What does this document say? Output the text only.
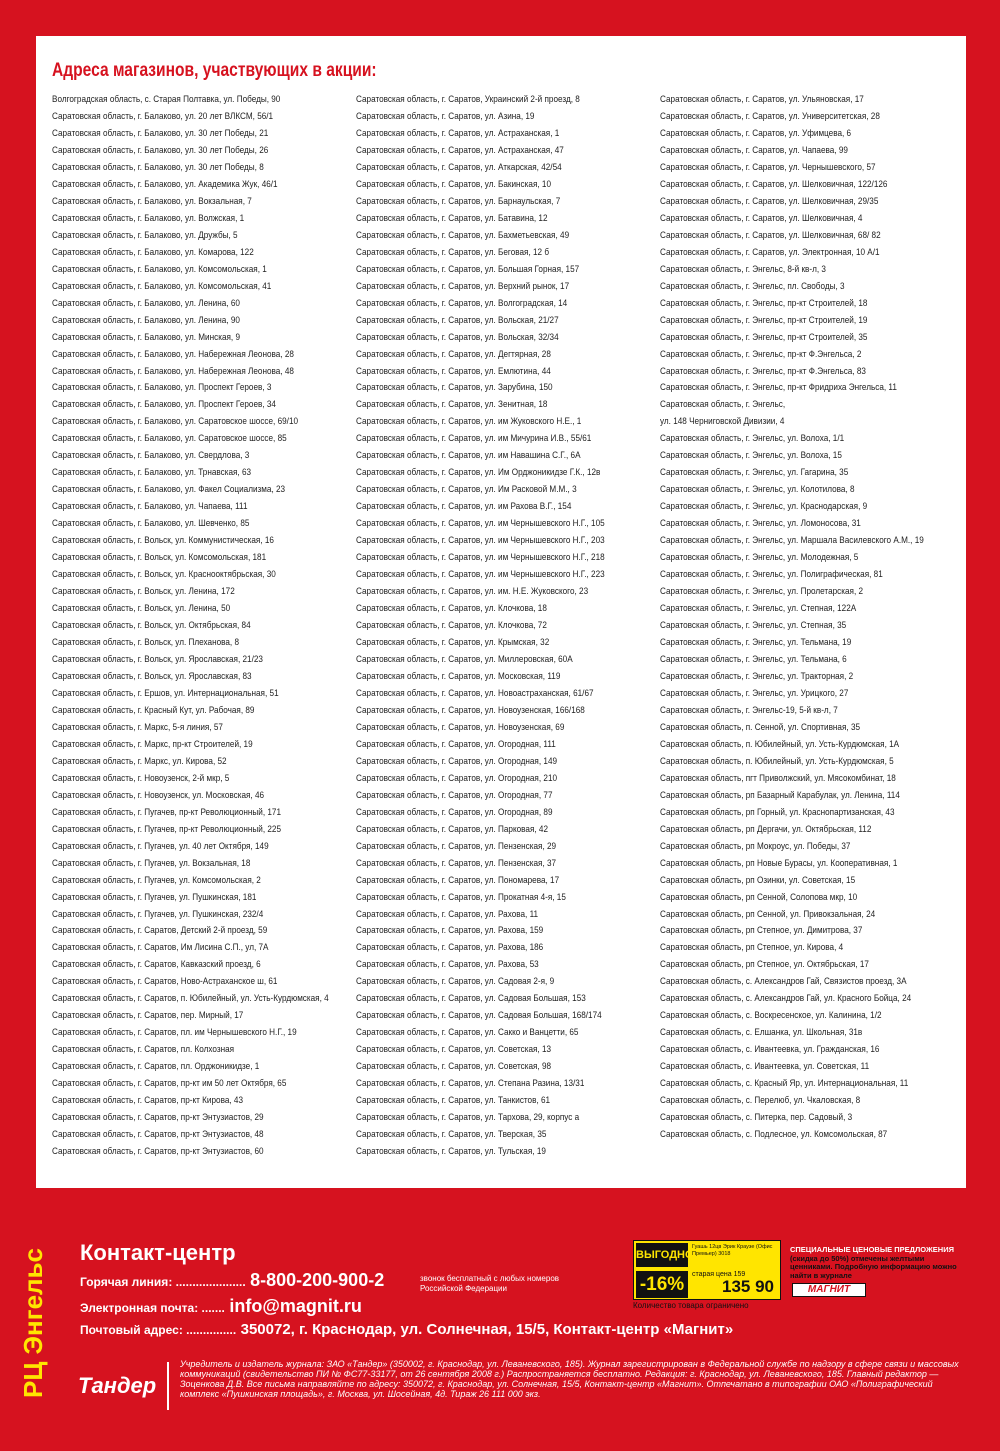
Адреса магазинов, участвующих в акции:
Волгоградская область, с. Старая Полтавка, ул. Победы, 90
Саратовская область, г. Балаково, ул. 20 лет ВЛКСМ, 56/1
Саратовская область, г. Балаково, ул. 30 лет Победы, 21
Саратовская область, г. Балаково, ул. 30 лет Победы, 26
Саратовская область, г. Балаково, ул. 30 лет Победы, 8
Саратовская область, г. Балаково, ул. Академика Жук, 46/1
Саратовская область, г. Балаково, ул. Вокзальная, 7
Саратовская область, г. Балаково, ул. Волжская, 1
Саратовская область, г. Балаково, ул. Дружбы, 5
Саратовская область, г. Балаково, ул. Комарова, 122
Саратовская область, г. Балаково, ул. Комсомольская, 1
Саратовская область, г. Балаково, ул. Комсомольская, 41
Саратовская область, г. Балаково, ул. Ленина, 60
Саратовская область, г. Балаково, ул. Ленина, 90
Саратовская область, г. Балаково, ул. Минская, 9
Саратовская область, г. Балаково, ул. Набережная Леонова, 28
Саратовская область, г. Балаково, ул. Набережная Леонова, 48
Саратовская область, г. Балаково, ул. Проспект Героев, 3
Саратовская область, г. Балаково, ул. Проспект Героев, 34
Саратовская область, г. Балаково, ул. Саратовское шоссе, 69/10
Саратовская область, г. Балаково, ул. Саратовское шоссе, 85
Саратовская область, г. Балаково, ул. Свердлова, 3
Саратовская область, г. Балаково, ул. Трнавская, 63
Саратовская область, г. Балаково, ул. Факел Социализма, 23
Саратовская область, г. Балаково, ул. Чапаева, 111
Саратовская область, г. Балаково, ул. Шевченко, 85
Саратовская область, г. Вольск, ул. Коммунистическая, 16
Саратовская область, г. Вольск, ул. Комсомольская, 181
Саратовская область, г. Вольск, ул. Краснооктябрьская, 30
Саратовская область, г. Вольск, ул. Ленина, 172
Саратовская область, г. Вольск, ул. Ленина, 50
Саратовская область, г. Вольск, ул. Октябрьская, 84
Саратовская область, г. Вольск, ул. Плеханова, 8
Саратовская область, г. Вольск, ул. Ярославская, 21/23
Саратовская область, г. Вольск, ул. Ярославская, 83
Саратовская область, г. Ершов, ул. Интернациональная, 51
Саратовская область, г. Красный Кут, ул. Рабочая, 89
Саратовская область, г. Маркс, 5-я линия, 57
Саратовская область, г. Маркс, пр-кт Строителей, 19
Саратовская область, г. Маркс, ул. Кирова, 52
Саратовская область, г. Новоузенск, 2-й мкр, 5
Саратовская область, г. Новоузенск, ул. Московская, 46
Саратовская область, г. Пугачев, пр-кт Революционный, 171
Саратовская область, г. Пугачев, пр-кт Революционный, 225
Саратовская область, г. Пугачев, ул. 40 лет Октября, 149
Саратовская область, г. Пугачев, ул. Вокзальная, 18
Саратовская область, г. Пугачев, ул. Комсомольская, 2
Саратовская область, г. Пугачев, ул. Пушкинская, 181
Саратовская область, г. Пугачев, ул. Пушкинская, 232/4
Саратовская область, г. Саратов, Детский 2-й проезд, 59
Саратовская область, г. Саратов, Им Лисина С.П., ул, 7А
Саратовская область, г. Саратов, Кавказский проезд, 6
Саратовская область, г. Саратов, Ново-Астраханское ш, 61
Саратовская область, г. Саратов, п. Юбилейный, ул. Усть-Курдюмская, 4
Саратовская область, г. Саратов, пер. Мирный, 17
Саратовская область, г. Саратов, пл. им Чернышевского Н.Г., 19
Саратовская область, г. Саратов, пл. Колхозная
Саратовская область, г. Саратов, пл. Орджоникидзе, 1
Саратовская область, г. Саратов, пр-кт им 50 лет Октября, 65
Саратовская область, г. Саратов, пр-кт Кирова, 43
Саратовская область, г. Саратов, пр-кт Энтузиастов, 29
Саратовская область, г. Саратов, пр-кт Энтузиастов, 48
Саратовская область, г. Саратов, пр-кт Энтузиастов, 60
Саратовская область, г. Саратов, Украинский 2-й проезд, 8
Саратовская область, г. Саратов, ул. Азина, 19
Саратовская область, г. Саратов, ул. Астраханская, 1
Саратовская область, г. Саратов, ул. Астраханская, 47
Саратовская область, г. Саратов, ул. Аткарская, 42/54
Саратовская область, г. Саратов, ул. Бакинская, 10
Саратовская область, г. Саратов, ул. Барнаульская, 7
Саратовская область, г. Саратов, ул. Батавина, 12
Саратовская область, г. Саратов, ул. Бахметьевская, 49
Саратовская область, г. Саратов, ул. Беговая, 12 б
Саратовская область, г. Саратов, ул. Большая Горная, 157
Саратовская область, г. Саратов, ул. Верхний рынок, 17
Саратовская область, г. Саратов, ул. Волгоградская, 14
Саратовская область, г. Саратов, ул. Вольская, 21/27
Саратовская область, г. Саратов, ул. Вольская, 32/34
Саратовская область, г. Саратов, ул. Дегтярная, 28
Саратовская область, г. Саратов, ул. Емлютина, 44
Саратовская область, г. Саратов, ул. Зарубина, 150
Саратовская область, г. Саратов, ул. Зенитная, 18
Саратовская область, г. Саратов, ул. им Жуковского Н.Е., 1
Саратовская область, г. Саратов, ул. им Мичурина И.В., 55/61
Саратовская область, г. Саратов, ул. им Навашина С.Г., 6А
Саратовская область, г. Саратов, ул. Им Орджоникидзе Г.К., 12в
Саратовская область, г. Саратов, ул. Им Расковой М.М., 3
Саратовская область, г. Саратов, ул. им Рахова В.Г., 154
Саратовская область, г. Саратов, ул. им Чернышевского Н.Г., 105
Саратовская область, г. Саратов, ул. им Чернышевского Н.Г., 203
Саратовская область, г. Саратов, ул. им Чернышевского Н.Г., 218
Саратовская область, г. Саратов, ул. им Чернышевского Н.Г., 223
Саратовская область, г. Саратов, ул. им. Н.Е. Жуковского, 23
Саратовская область, г. Саратов, ул. Клочкова, 18
Саратовская область, г. Саратов, ул. Клочкова, 72
Саратовская область, г. Саратов, ул. Крымская, 32
Саратовская область, г. Саратов, ул. Миллеровская, 60А
Саратовская область, г. Саратов, ул. Московская, 119
Саратовская область, г. Саратов, ул. Новоастраханская, 61/67
Саратовская область, г. Саратов, ул. Новоузенская, 166/168
Саратовская область, г. Саратов, ул. Новоузенская, 69
Саратовская область, г. Саратов, ул. Огородная, 111
Саратовская область, г. Саратов, ул. Огородная, 149
Саратовская область, г. Саратов, ул. Огородная, 210
Саратовская область, г. Саратов, ул. Огородная, 77
Саратовская область, г. Саратов, ул. Огородная, 89
Саратовская область, г. Саратов, ул. Парковая, 42
Саратовская область, г. Саратов, ул. Пензенская, 29
Саратовская область, г. Саратов, ул. Пензенская, 37
Саратовская область, г. Саратов, ул. Пономарева, 17
Саратовская область, г. Саратов, ул. Прокатная 4-я, 15
Саратовская область, г. Саратов, ул. Рахова, 11
Саратовская область, г. Саратов, ул. Рахова, 159
Саратовская область, г. Саратов, ул. Рахова, 186
Саратовская область, г. Саратов, ул. Рахова, 53
Саратовская область, г. Саратов, ул. Садовая 2-я, 9
Саратовская область, г. Саратов, ул. Садовая Большая, 153
Саратовская область, г. Саратов, ул. Садовая Большая, 168/174
Саратовская область, г. Саратов, ул. Сакко и Ванцетти, 65
Саратовская область, г. Саратов, ул. Советская, 13
Саратовская область, г. Саратов, ул. Советская, 98
Саратовская область, г. Саратов, ул. Степана Разина, 13/31
Саратовская область, г. Саратов, ул. Танкистов, 61
Саратовская область, г. Саратов, ул. Тархова, 29, корпус а
Саратовская область, г. Саратов, ул. Тверская, 35
Саратовская область, г. Саратов, ул. Тульская, 19
Саратовская область, г. Саратов, ул. Ульяновская, 17
Саратовская область, г. Саратов, ул. Университетская, 28
Саратовская область, г. Саратов, ул. Уфимцева, 6
Саратовская область, г. Саратов, ул. Чапаева, 99
Саратовская область, г. Саратов, ул. Чернышевского, 57
Саратовская область, г. Саратов, ул. Шелковичная, 122/126
Саратовская область, г. Саратов, ул. Шелковичная, 29/35
Саратовская область, г. Саратов, ул. Шелковичная, 4
Саратовская область, г. Саратов, ул. Шелковичная, 68/ 82
Саратовская область, г. Саратов, ул. Электронная, 10 А/1
Саратовская область, г. Энгельс, 8-й кв-л, 3
Саратовская область, г. Энгельс, пл. Свободы, 3
Саратовская область, г. Энгельс, пр-кт Строителей, 18
Саратовская область, г. Энгельс, пр-кт Строителей, 19
Саратовская область, г. Энгельс, пр-кт Строителей, 35
Саратовская область, г. Энгельс, пр-кт Ф.Энгельса, 2
Саратовская область, г. Энгельс, пр-кт Ф.Энгельса, 83
Саратовская область, г. Энгельс, пр-кт Фридриха Энгельса, 11
Саратовская область, г. Энгельс,
ул. 148 Черниговской Дивизии, 4
Саратовская область, г. Энгельс, ул. Волоха, 1/1
Саратовская область, г. Энгельс, ул. Волоха, 15
Саратовская область, г. Энгельс, ул. Гагарина, 35
Саратовская область, г. Энгельс, ул. Колотилова, 8
Саратовская область, г. Энгельс, ул. Краснодарская, 9
Саратовская область, г. Энгельс, ул. Ломоносова, 31
Саратовская область, г. Энгельс, ул. Маршала Василевского А.М., 19
Саратовская область, г. Энгельс, ул. Молодежная, 5
Саратовская область, г. Энгельс, ул. Полиграфическая, 81
Саратовская область, г. Энгельс, ул. Пролетарская, 2
Саратовская область, г. Энгельс, ул. Степная, 122А
Саратовская область, г. Энгельс, ул. Степная, 35
Саратовская область, г. Энгельс, ул. Тельмана, 19
Саратовская область, г. Энгельс, ул. Тельмана, 6
Саратовская область, г. Энгельс, ул. Тракторная, 2
Саратовская область, г. Энгельс, ул. Урицкого, 27
Саратовская область, г. Энгельс-19, 5-й кв-л, 7
Саратовская область, п. Сенной, ул. Спортивная, 35
Саратовская область, п. Юбилейный, ул. Усть-Курдюмская, 1А
Саратовская область, п. Юбилейный, ул. Усть-Курдюмская, 5
Саратовская область, пгт Приволжский, ул. Мясокомбинат, 18
Саратовская область, рп Базарный Карабулак, ул. Ленина, 114
Саратовская область, рп Горный, ул. Краснопартизанская, 43
Саратовская область, рп Дергачи, ул. Октябрьская, 112
Саратовская область, рп Мокроус, ул. Победы, 37
Саратовская область, рп Новые Бурасы, ул. Кооперативная, 1
Саратовская область, рп Озинки, ул. Советская, 15
Саратовская область, рп Сенной, Солопова мкр, 10
Саратовская область, рп Сенной, ул. Привокзальная, 24
Саратовская область, рп Степное, ул. Димитрова, 37
Саратовская область, рп Степное, ул. Кирова, 4
Саратовская область, рп Степное, ул. Октябрьская, 17
Саратовская область, с. Александров Гай, Связистов проезд, 3А
Саратовская область, с. Александров Гай, ул. Красного Бойца, 24
Саратовская область, с. Воскресенское, ул. Калинина, 1/2
Саратовская область, с. Елшанка, ул. Школьная, 31в
Саратовская область, с. Ивантеевка, ул. Гражданская, 16
Саратовская область, с. Ивантеевка, ул. Советская, 11
Саратовская область, с. Красный Яр, ул. Интернациональная, 11
Саратовская область, с. Перелюб, ул. Чкаловская, 8
Саратовская область, с. Питерка, пер. Садовый, 3
Саратовская область, с. Подлесное, ул. Комсомольская, 87
РЦ Энгельс Контакт-центр
Горячая линия: ..................... 8-800-200-900-2	звонок бесплатный с любых номеров Российской Федерации
Электронная почта: ....... info@magnit.ru
Почтовый адрес: ............... 350072, г. Краснодар, ул. Солнечная, 15/5, Контакт-центр «Магнит»
ВЫГОДНО
-16%
Гуашь 12цв Эрик Краузе (Офис Премьер) 3018
старая цена 159
135 90
Количество товара ограничено
СПЕЦИАЛЬНЫЕ ЦЕНОВЫЕ ПРЕДЛОЖЕНИЯ
(скидка до 50%) отмечены желтыми ценниками. Подробную информацию можно найти в журнале
МАГНИТ
Тандер
Учредитель и издатель журнала: ЗАО «Тандер» (350002, г. Краснодар, ул. Леваневского, 185). Журнал зарегистрирован в Федеральной службе по надзору в сфере связи и массовых коммуникаций (свидетельство ПИ № ФС77-33177, от 26 сентября 2008 г.) Распространяется бесплатно. Редакция: г. Краснодар, ул. Леваневского, 185. Главный редактор — Зоценкова Д.В. Все письма направляйте по адресу: 350072, г. Краснодар, ул. Солнечная, 15/5, Контакт-центр «Магнит». Отпечатано в типографии ОАО «Полиграфический комплекс «Пушкинская площадь», г. Москва, ул. Шосейная, 4д. Тираж 26 111 000 экз.
